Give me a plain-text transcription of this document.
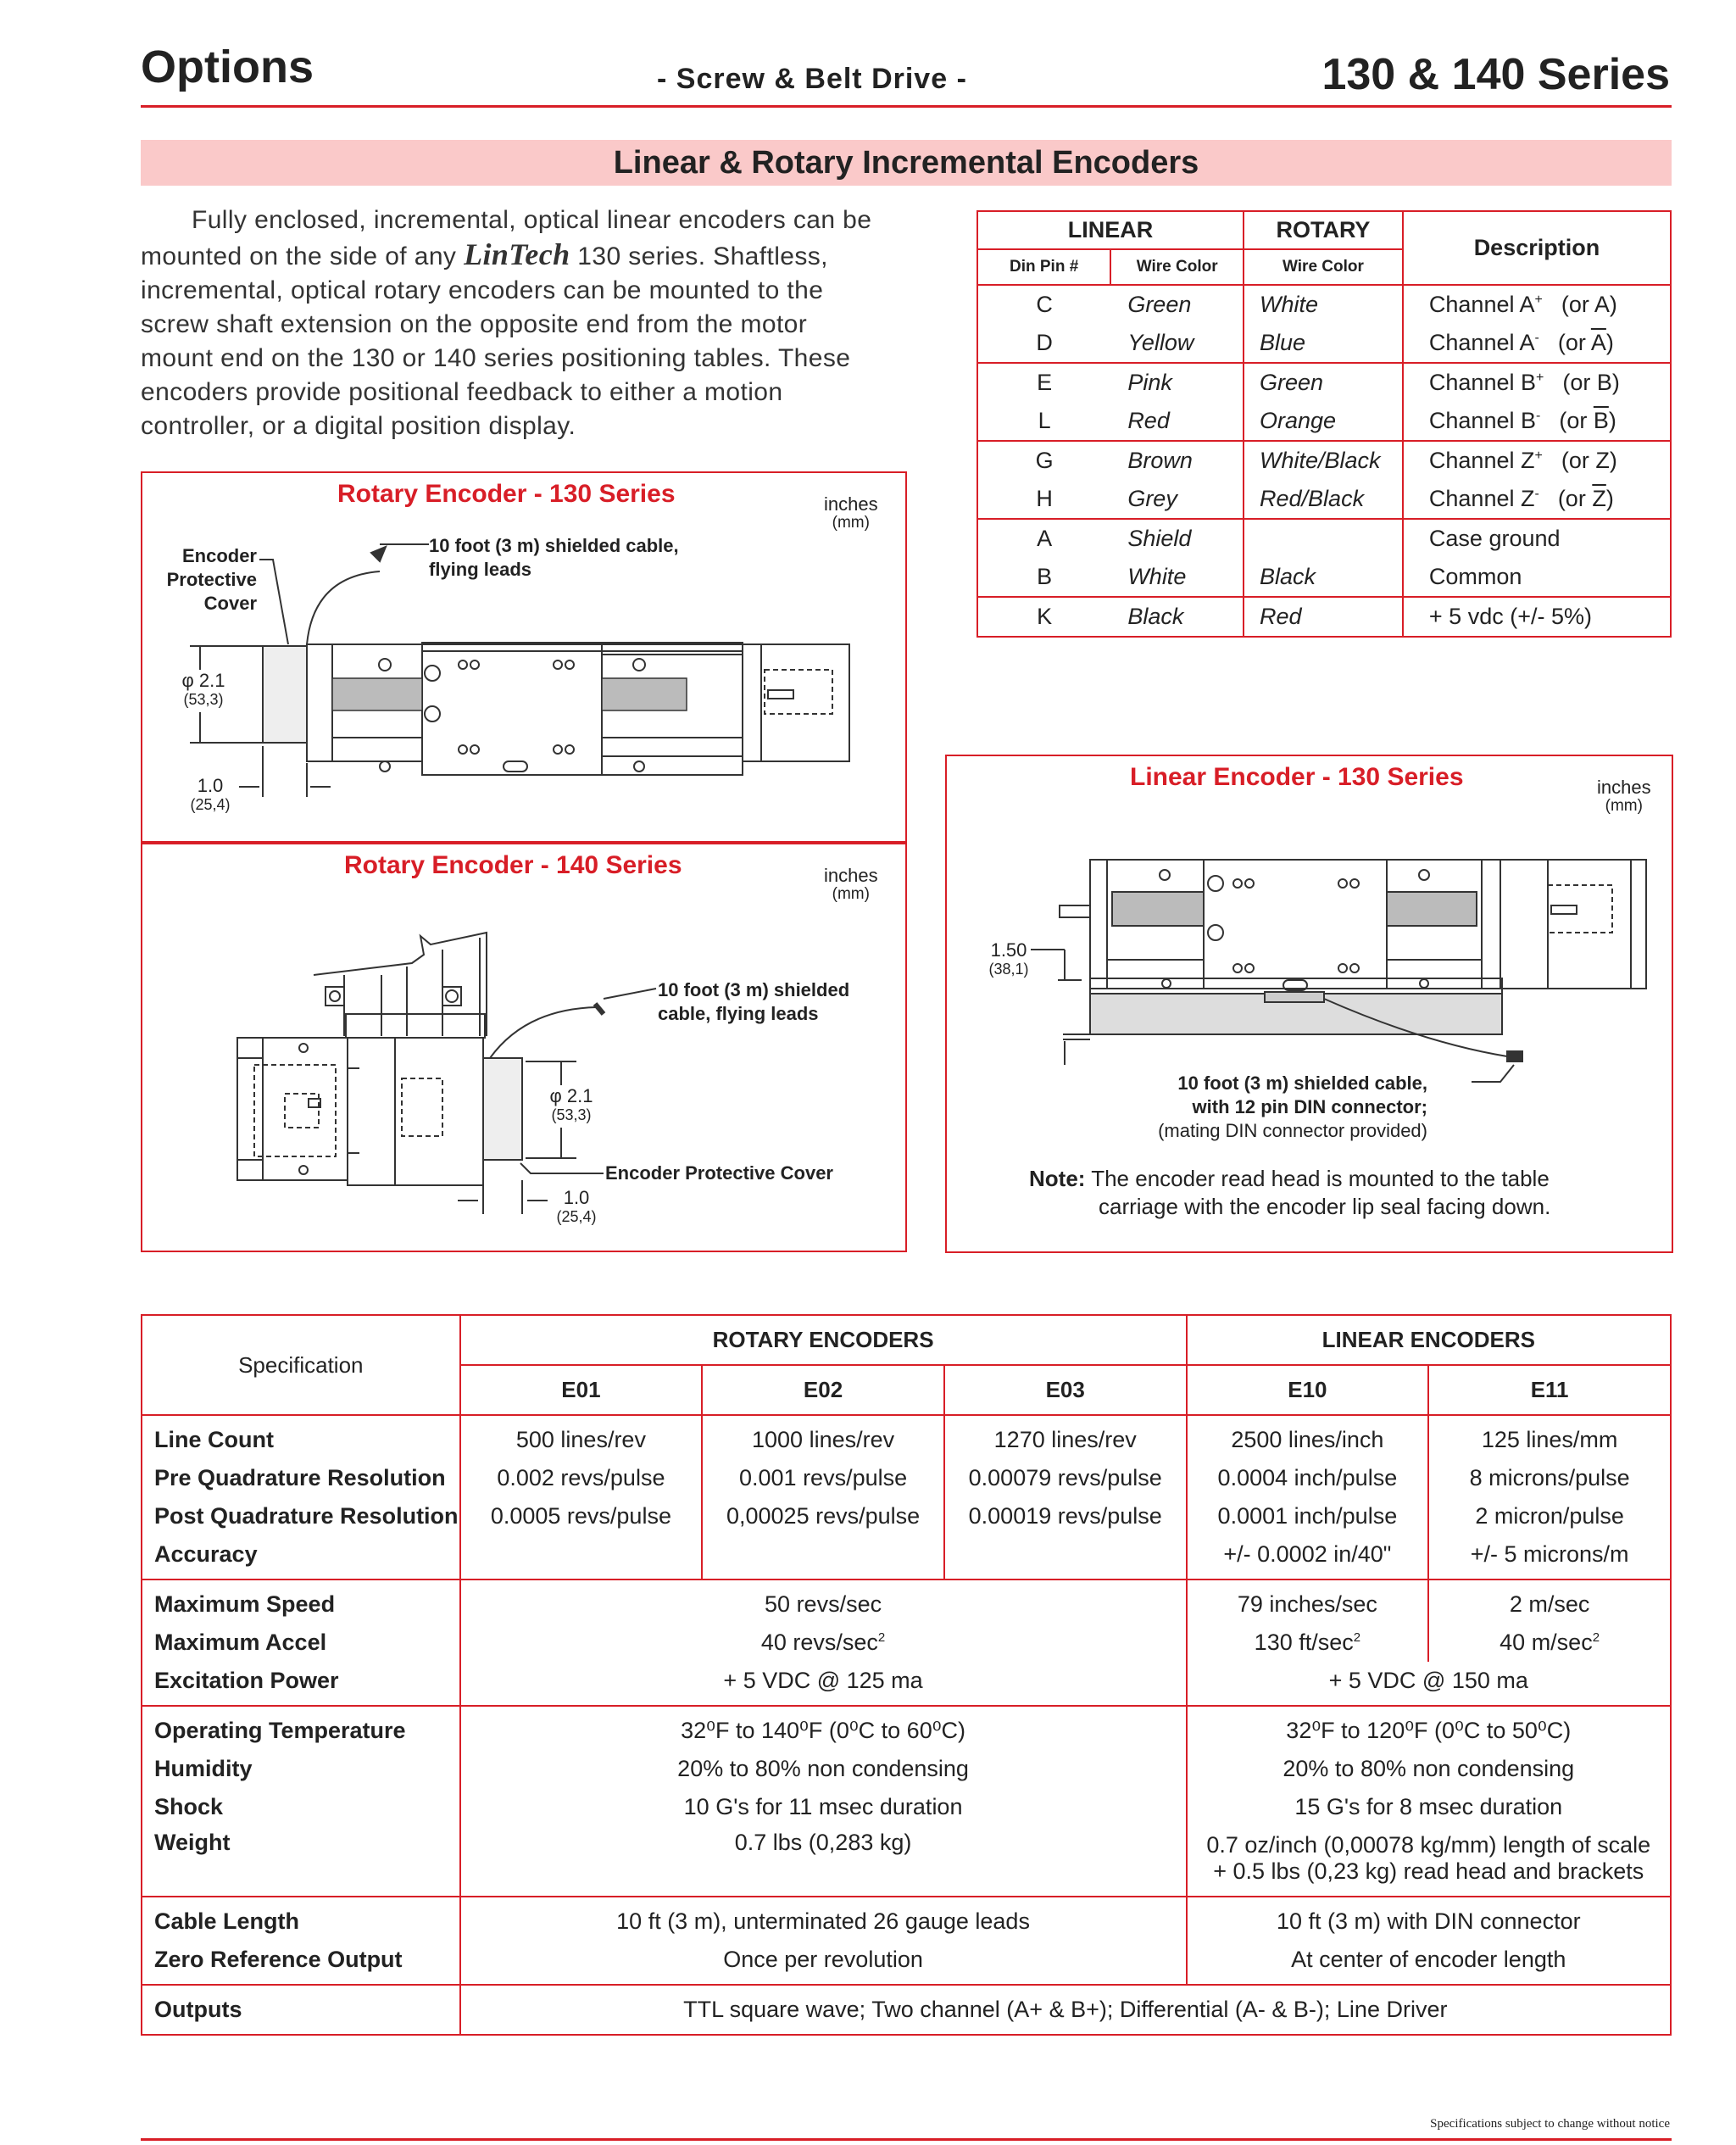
Options	- Screw & Belt Drive -	130 & 140 Series
Linear & Rotary Incremental Encoders
Fully enclosed, incremental, optical linear encoders can be mounted on the side of any LinTech 130 series. Shaftless, incremental, optical rotary encoders can be mounted to the screw shaft extension on the opposite end from the motor mount end on the 130 or 140 series positioning tables. These encoders provide positional feedback to either a motion controller, or a digital position display.
LINEAR		ROTARY	Description
Din Pin #	Wire Color	Wire Color	
C	Green	White	Channel A+ (or A)
D	Yellow	Blue	Channel A- (or $\overline{A}$)
E	Pink	Green	Channel B+ (or B)
L	Red	Orange	Channel B- (or $\overline{B}$)
G	Brown	White/Black	Channel Z+ (or Z)
H	Grey	Red/Black	Channel Z- (or $\overline{Z}$)
A	Shield		Case ground
B	White	Black	Common
K	Black	Red	+ 5 vdc (+/- 5%)
Rotary Encoder - 130 Series	inches
(mm)
Encoder Protective Cover
10 foot (3 m) shielded cable,
flying leads
φ 2.1
(53,3)
1.0
(25,4)
Rotary Encoder - 140 Series	inches
(mm)
10 foot (3 m) shielded
cable, flying leads
φ 2.1
(53,3)
Encoder Protective Cover
1.0
(25,4)
Linear Encoder - 130 Series	inches
(mm)
1.50
(38,1)
10 foot (3 m) shielded cable,
with 12 pin DIN connector;
(mating DIN connector provided)
Note: The encoder read head is mounted to the table
carriage with the encoder lip seal facing down.
Specification	ROTARY ENCODERS			LINEAR ENCODERS	
	E01	E02	E03	E10	E11
Line Count	500 lines/rev	1000 lines/rev	1270 lines/rev	2500 lines/inch	125 lines/mm
Pre Quadrature Resolution	0.002 revs/pulse	0.001 revs/pulse	0.00079 revs/pulse	0.0004 inch/pulse	8 microns/pulse
Post Quadrature Resolution	0.0005 revs/pulse	0,00025 revs/pulse	0.00019 revs/pulse	0.0001 inch/pulse	2 micron/pulse
Accuracy				+/- 0.0002 in/40"	+/- 5 microns/m
Maximum Speed	50 revs/sec			79 inches/sec	2 m/sec
Maximum Accel	40 revs/$\sec^2$			130 $ft/\sec^2$	40 $m/\sec^2$
Excitation Power	+ 5 VDC @ 125 ma			+ 5 VDC @ 150 ma	
Operating Temperature	32⁰F to 140⁰F (0⁰C to 60⁰C)			32⁰F to 120⁰F (0⁰C to 50⁰C)	
Humidity	20% to 80% non condensing			20% to 80% non condensing	
Shock	10 G's for 11 msec duration			15 G's for 8 msec duration	
Weight	0.7 lbs (0,283 kg)			0.7 oz/inch (0,00078 kg/mm) length of scale
+ 0.5 lbs (0,23 kg) read head and brackets	
Cable Length	10 ft (3 m), unterminated 26 gauge leads			10 ft (3 m) with DIN connector	
Zero Reference Output	Once per revolution			At center of encoder length	
Outputs	TTL square wave; Two channel (A+ & B+); Differential (A- & B-); Line Driver				
Specifications subject to change without notice
